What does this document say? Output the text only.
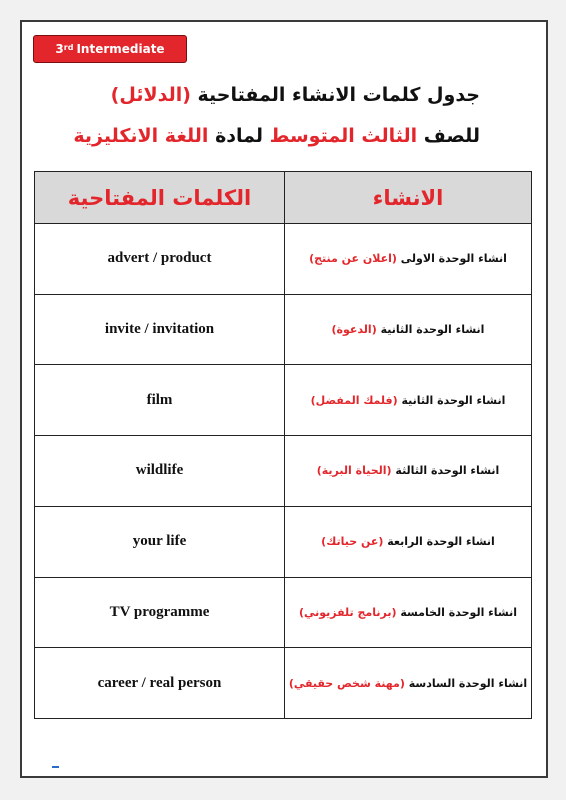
3rd Intermediate
جدول كلمات الانشاء المفتاحية (الدلائل)
للصف الثالث المتوسط لمادة اللغة الانكليزية
الكلمات المفتاحية	الانشاء
advert / product	انشاء الوحدة الاولى (اعلان عن منتج)
invite / invitation	انشاء الوحدة الثانية (الدعوة)
film	انشاء الوحدة الثانية (فلمك المفضل)
wildlife	انشاء الوحدة الثالثة (الحياة البرية)
your life	انشاء الوحدة الرابعة (عن حياتك)
TV programme	انشاء الوحدة الخامسة (برنامج تلفزيوني)
career / real person	انشاء الوحدة السادسة (مهنة شخص حقيقي)
